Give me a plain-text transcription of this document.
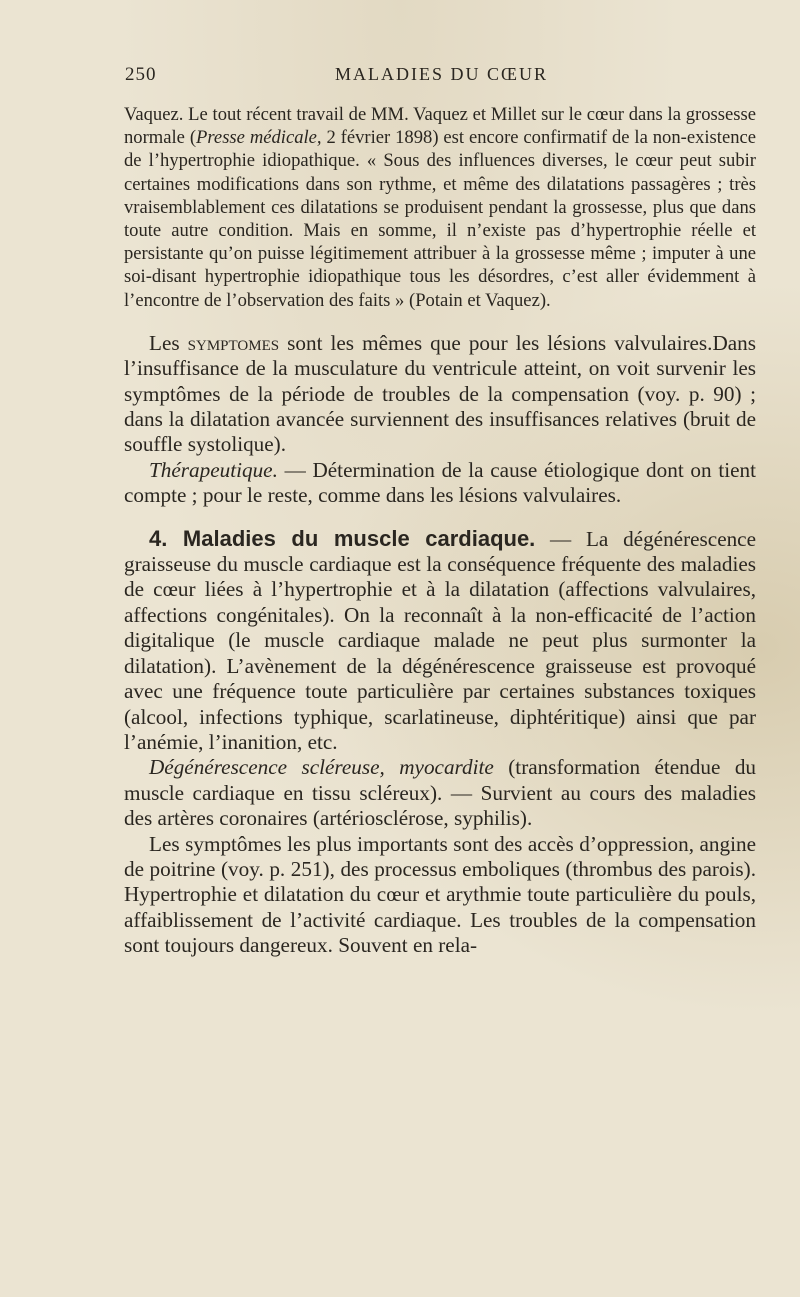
250	MALADIES DU CŒUR

Vaquez. Le tout récent travail de MM. Vaquez et Millet sur le cœur dans la grossesse normale (Presse médicale, 2 février 1898) est encore confirmatif de la non-existence de l’hypertrophie idiopathique. « Sous des influences diverses, le cœur peut subir certaines modifications dans son rythme, et même des dilatations passagères ; très vraisemblablement ces dilatations se produisent pendant la grossesse, plus que dans toute autre condition. Mais en somme, il n’existe pas d’hypertrophie réelle et persistante qu’on puisse légitimement attribuer à la grossesse même ; imputer à une soi-disant hypertrophie idiopathique tous les désordres, c’est aller évidemment à l’encontre de l’observation des faits » (Potain et Vaquez).

Les symptomes sont les mêmes que pour les lésions valvulaires.Dans l’insuffisance de la musculature du ventricule atteint, on voit survenir les symptômes de la période de troubles de la compensation (voy. p. 90) ; dans la dilatation avancée surviennent des insuffisances relatives (bruit de souffle systolique).

Thérapeutique. — Détermination de la cause étiologique dont on tient compte ; pour le reste, comme dans les lésions valvulaires.

4. Maladies du muscle cardiaque. — La dégénérescence graisseuse du muscle cardiaque est la conséquence fréquente des maladies de cœur liées à l’hypertrophie et à la dilatation (affections valvulaires, affections congénitales). On la reconnaît à la non-efficacité de l’action digitalique (le muscle cardiaque malade ne peut plus surmonter la dilatation). L’avènement de la dégénérescence graisseuse est provoqué avec une fréquence toute particulière par certaines substances toxiques (alcool, infections typhique, scarlatineuse, diphtéritique) ainsi que par l’anémie, l’inanition, etc.

Dégénérescence scléreuse, myocardite (transformation étendue du muscle cardiaque en tissu scléreux). — Survient au cours des maladies des artères coronaires (artériosclérose, syphilis).

Les symptômes les plus importants sont des accès d’oppression, angine de poitrine (voy. p. 251), des processus emboliques (thrombus des parois). Hypertrophie et dilatation du cœur et arythmie toute particulière du pouls, affaiblissement de l’activité cardiaque. Les troubles de la compensation sont toujours dangereux. Souvent en rela-
